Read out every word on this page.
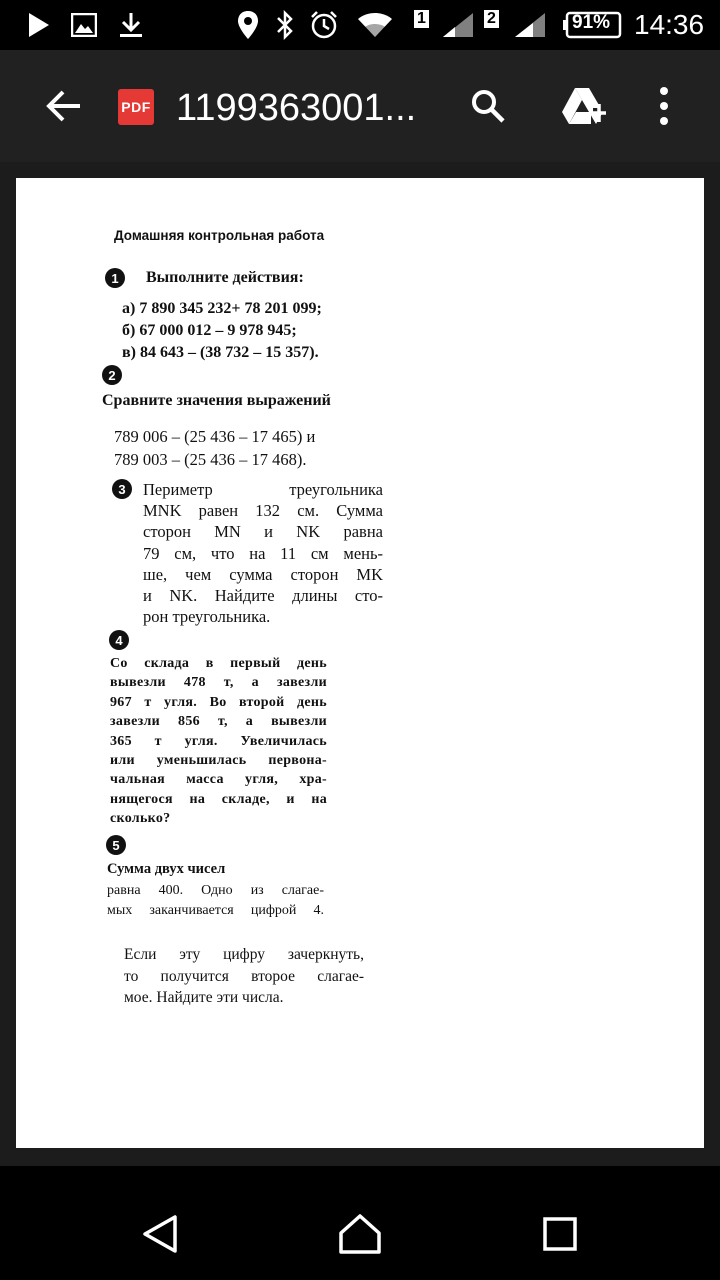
1	2	91% 14:36
PDF 1199363001...
Домашняя контрольная работа
1	Выполните действия:
а) 7 890 345 232+ 78 201 099;
б) 67 000 012 – 9 978 945;
в) 84 643 – (38 732 – 15 357).
2
Сравните значения выражений
789 006 – (25 436 – 17 465) и
789 003 – (25 436 – 17 468).
3	Периметр треугольника
MNK равен 132 см. Сумма
сторон MN и NK равна
79 см, что на 11 см мень-
ше, чем сумма сторон MK
и NK. Найдите длины сто-
рон треугольника.
4
Со склада в первый день
вывезли 478 т, а завезли
967 т угля. Во второй день
завезли 856 т, а вывезли
365 т угля. Увеличилась
или уменьшилась первона-
чальная масса угля, хра-
нящегося на складе, и на
сколько?
5
Сумма двух чисел
равна 400. Одно из слагае-
мых заканчивается цифрой 4.
Если эту цифру зачеркнуть,
то получится второе слагае-
мое. Найдите эти числа.
